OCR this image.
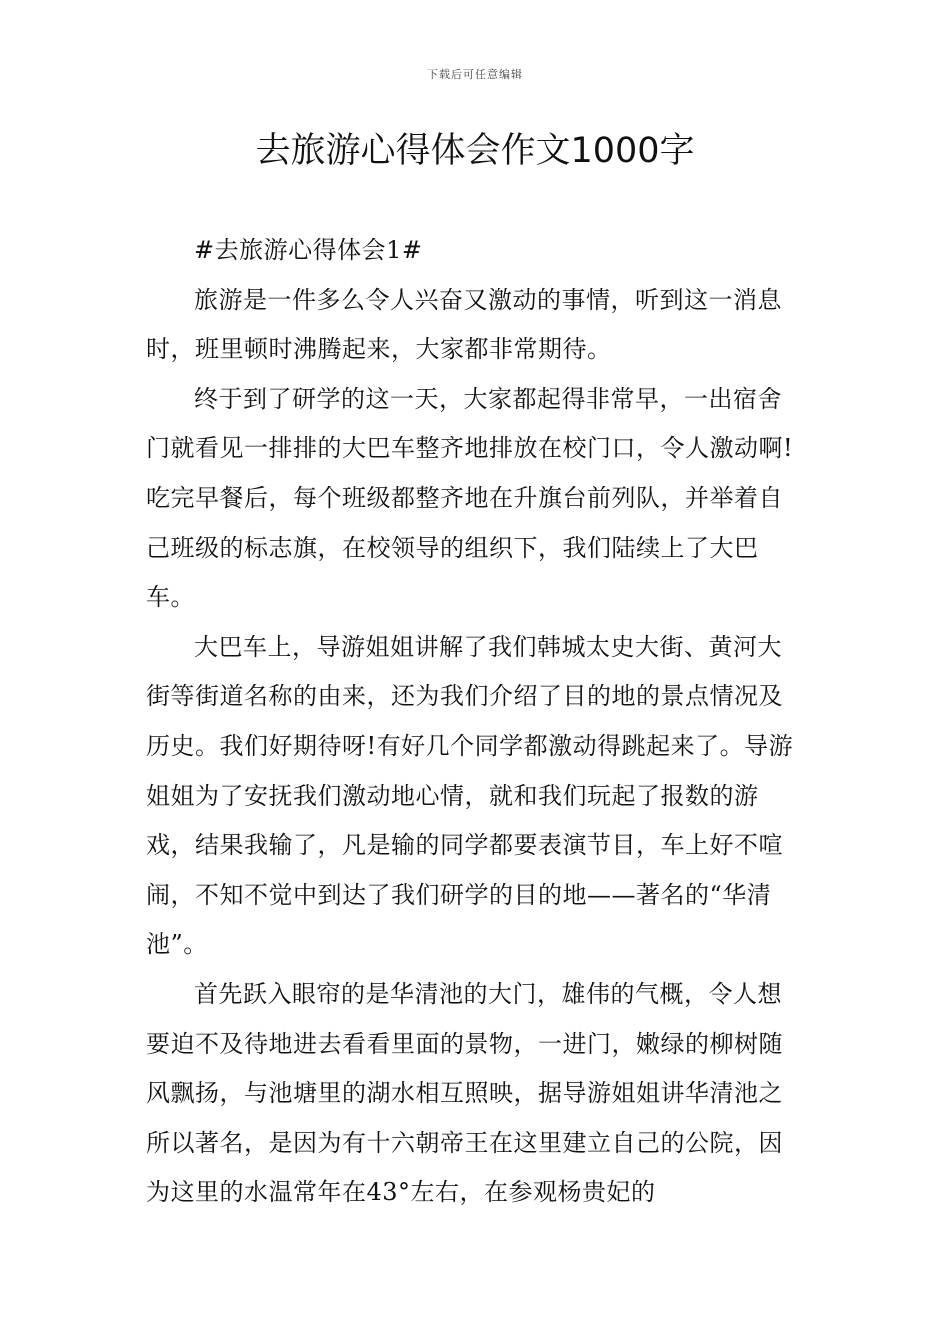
下载后可任意编辑
去旅游心得体会作文1000字

#去旅游心得体会1#

旅游是一件多么令人兴奋又激动的事情，听到这一消息时，班里顿时沸腾起来，大家都非常期待。

终于到了研学的这一天，大家都起得非常早，一出宿舍门就看见一排排的大巴车整齐地排放在校门口，令人激动啊!吃完早餐后，每个班级都整齐地在升旗台前列队，并举着自己班级的标志旗，在校领导的组织下，我们陆续上了大巴车。

大巴车上，导游姐姐讲解了我们韩城太史大街、黄河大街等街道名称的由来，还为我们介绍了目的地的景点情况及历史。我们好期待呀!有好几个同学都激动得跳起来了。导游姐姐为了安抚我们激动地心情，就和我们玩起了报数的游戏，结果我输了，凡是输的同学都要表演节目，车上好不喧闹，不知不觉中到达了我们研学的目的地——著名的“华清池”。

首先跃入眼帘的是华清池的大门，雄伟的气概，令人想要迫不及待地进去看看里面的景物，一进门，嫩绿的柳树随风飘扬，与池塘里的湖水相互照映，据导游姐姐讲华清池之所以著名，是因为有十六朝帝王在这里建立自己的公院，因为这里的水温常年在43°左右，在参观杨贵妃的
